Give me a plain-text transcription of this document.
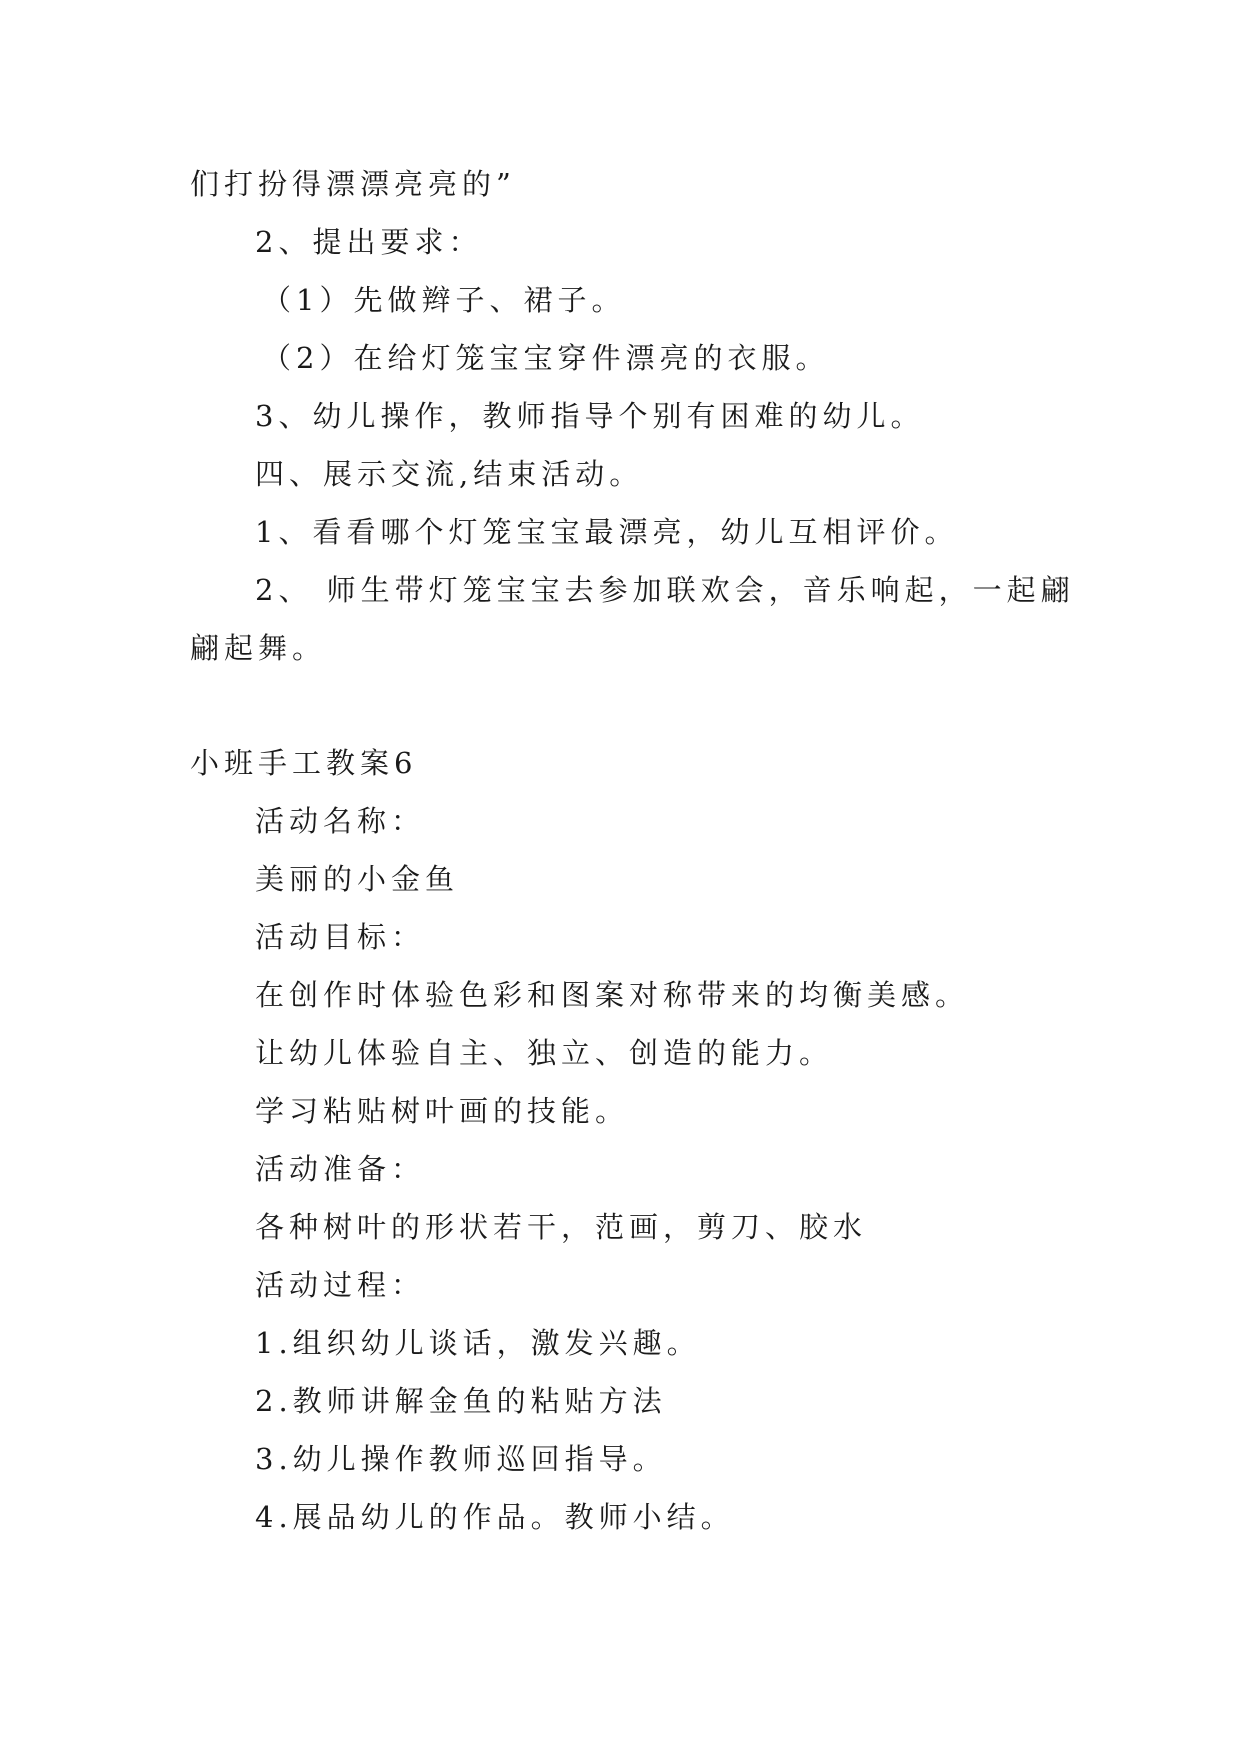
们打扮得漂漂亮亮的”
2、提出要求：
（1）先做辫子、裙子。
（2）在给灯笼宝宝穿件漂亮的衣服。
3、幼儿操作，教师指导个别有困难的幼儿。
四、展示交流,结束活动。
1、看看哪个灯笼宝宝最漂亮，幼儿互相评价。
2、 师生带灯笼宝宝去参加联欢会，音乐响起，一起翩
翩起舞。
小班手工教案6
活动名称：
美丽的小金鱼
活动目标：
在创作时体验色彩和图案对称带来的均衡美感。
让幼儿体验自主、独立、创造的能力。
学习粘贴树叶画的技能。
活动准备：
各种树叶的形状若干，范画，剪刀、胶水
活动过程：
1.组织幼儿谈话，激发兴趣。
2.教师讲解金鱼的粘贴方法
3.幼儿操作教师巡回指导。
4.展品幼儿的作品。教师小结。
